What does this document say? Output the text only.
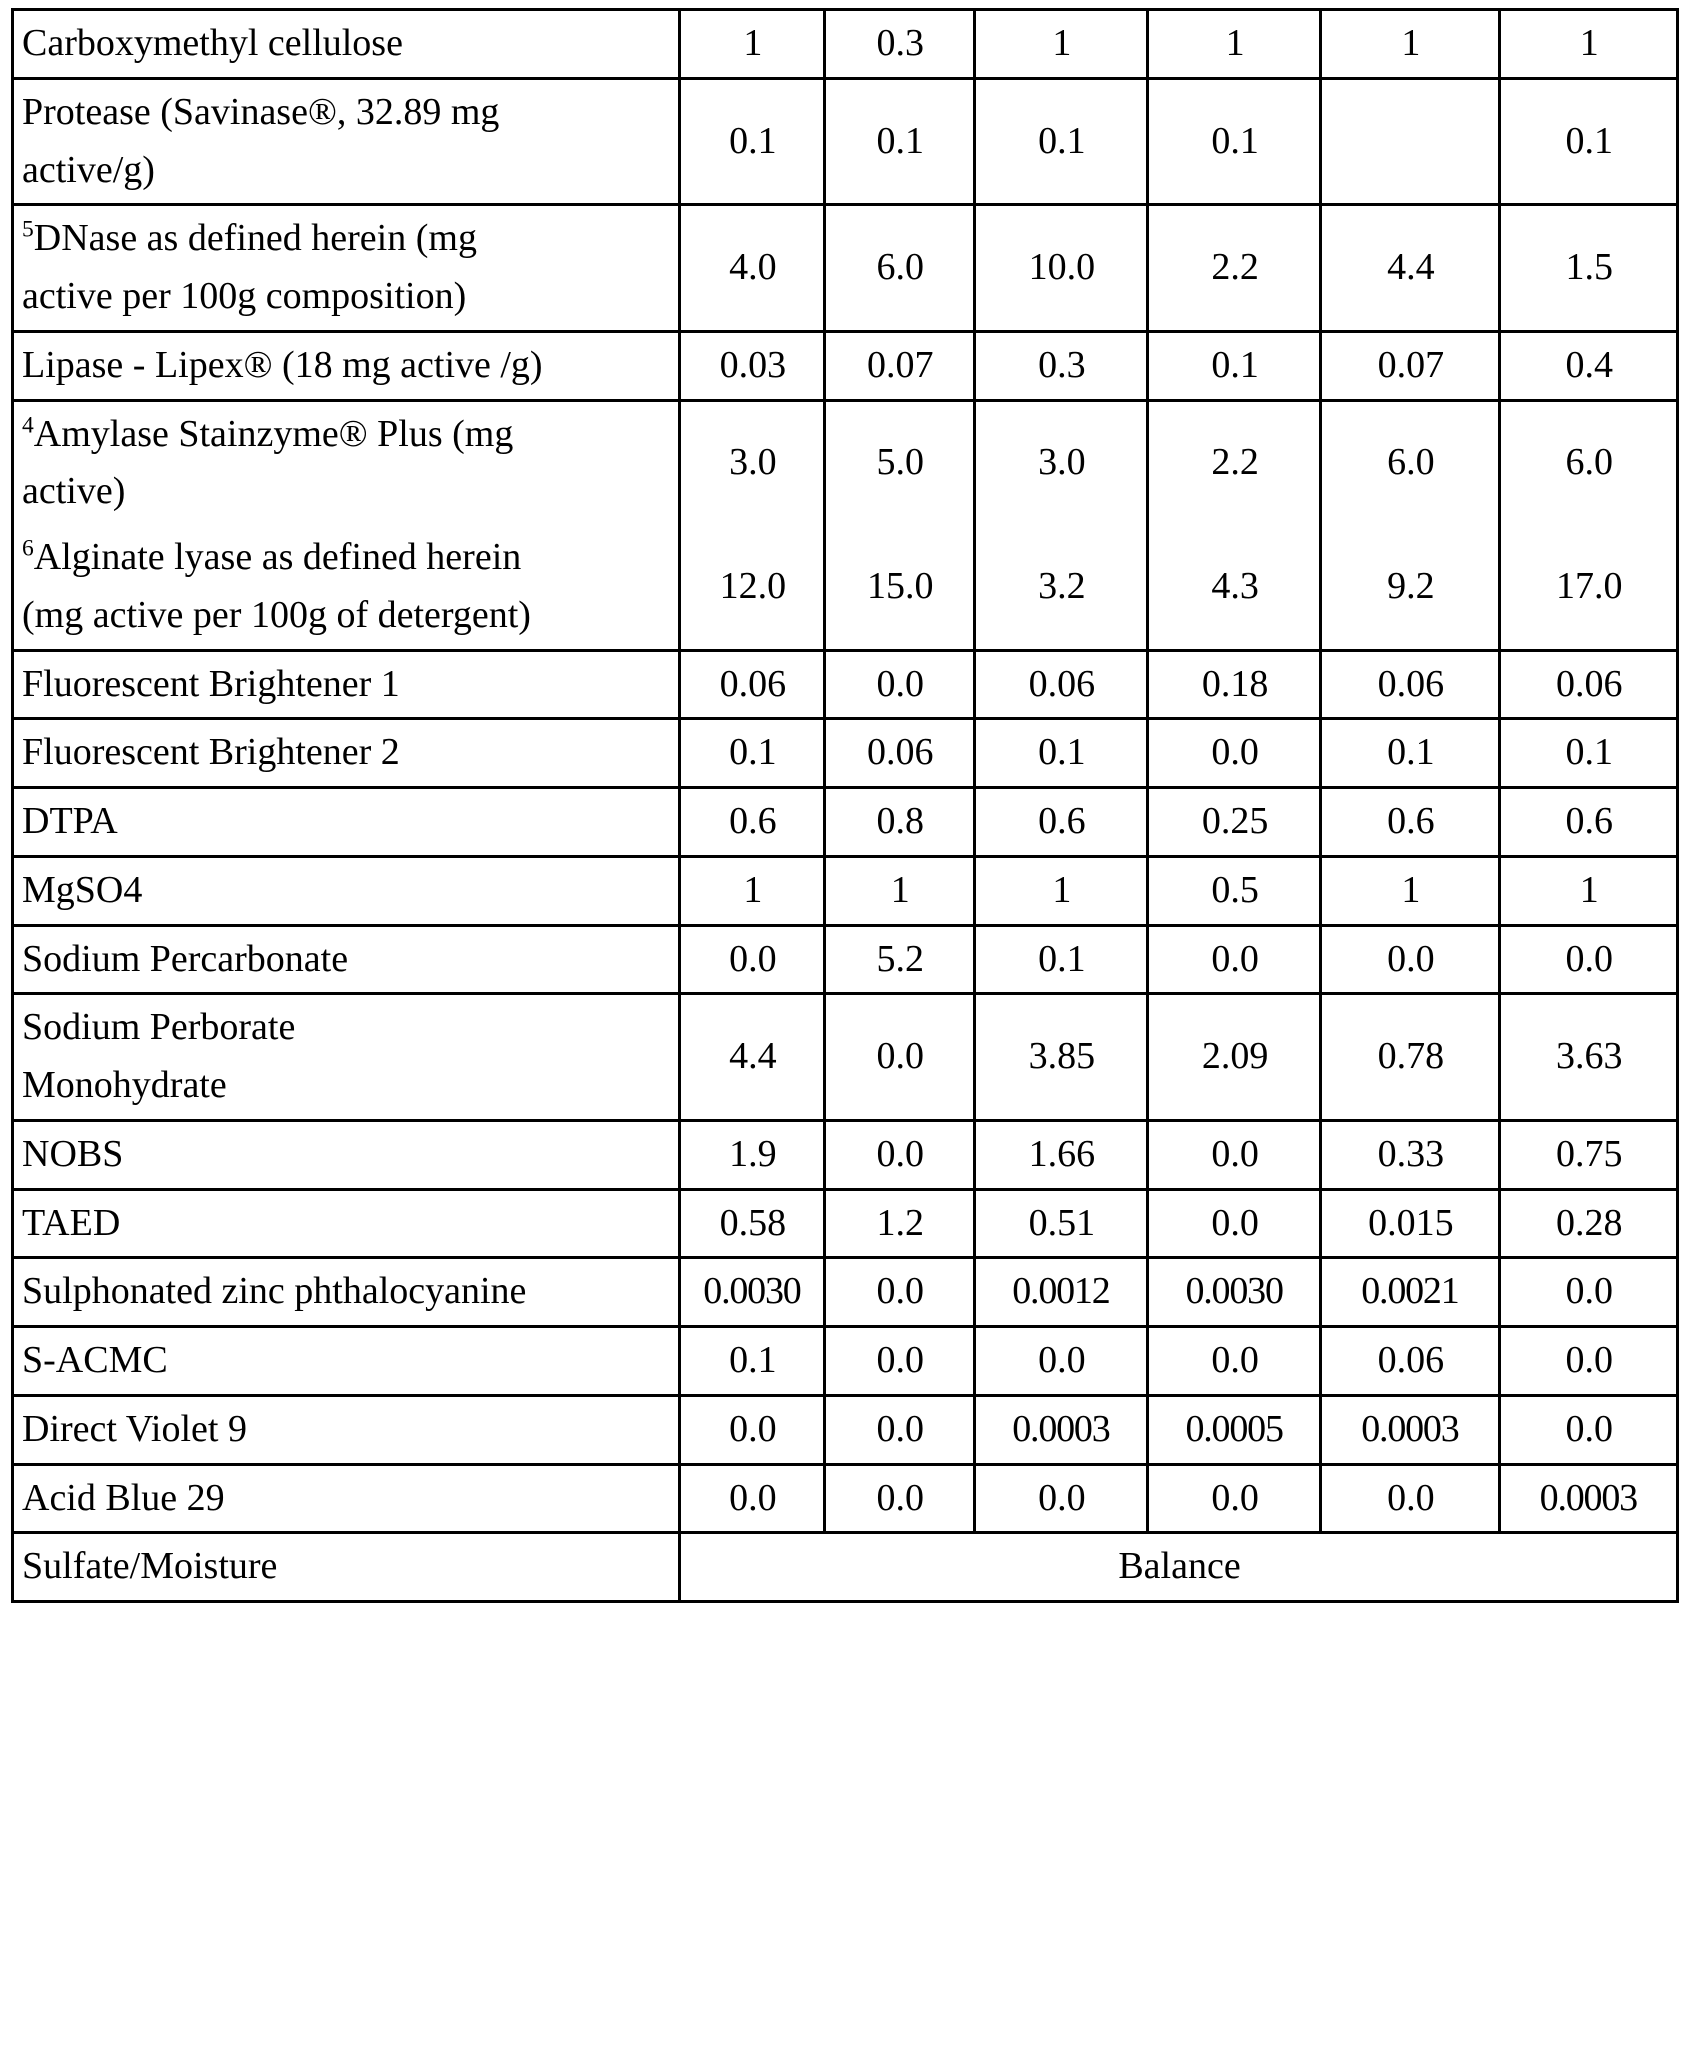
Carboxymethyl cellulose	1	0.3	1	1	1	1

Protease (Savinase®, 32.89 mg
active/g)	0.1	0.1	0.1	0.1		0.1

$^5$DNase as defined herein (mg
active per 100g composition)	4.0	6.0	10.0	2.2	4.4	1.5
Lipase - Lipex® (18 mg active /g)	0.03	0.07	0.3	0.1	0.07	0.4

$^4$Amylase Stainzyme® Plus (mg
active)	3.0	5.0	3.0	2.2	6.0	6.0

$^6$Alginate lyase as defined herein
(mg active per 100g of detergent)	12.0	15.0	3.2	4.3	9.2	17.0
Fluorescent Brightener 1	0.06	0.0	0.06	0.18	0.06	0.06
Fluorescent Brightener 2	0.1	0.06	0.1	0.0	0.1	0.1
DTPA	0.6	0.8	0.6	0.25	0.6	0.6
MgSO4	1	1	1	0.5	1	1
Sodium Percarbonate	0.0	5.2	0.1	0.0	0.0	0.0

Sodium Perborate
Monohydrate	4.4	0.0	3.85	2.09	0.78	3.63
NOBS	1.9	0.0	1.66	0.0	0.33	0.75
TAED	0.58	1.2	0.51	0.0	0.015	0.28
Sulphonated zinc phthalocyanine	0.0030	0.0	0.0012	0.0030	0.0021	0.0
S-ACMC	0.1	0.0	0.0	0.0	0.06	0.0
Direct Violet 9	0.0	0.0	0.0003	0.0005	0.0003	0.0
Acid Blue 29	0.0	0.0	0.0	0.0	0.0	0.0003
Sulfate/Moisture	Balance					
